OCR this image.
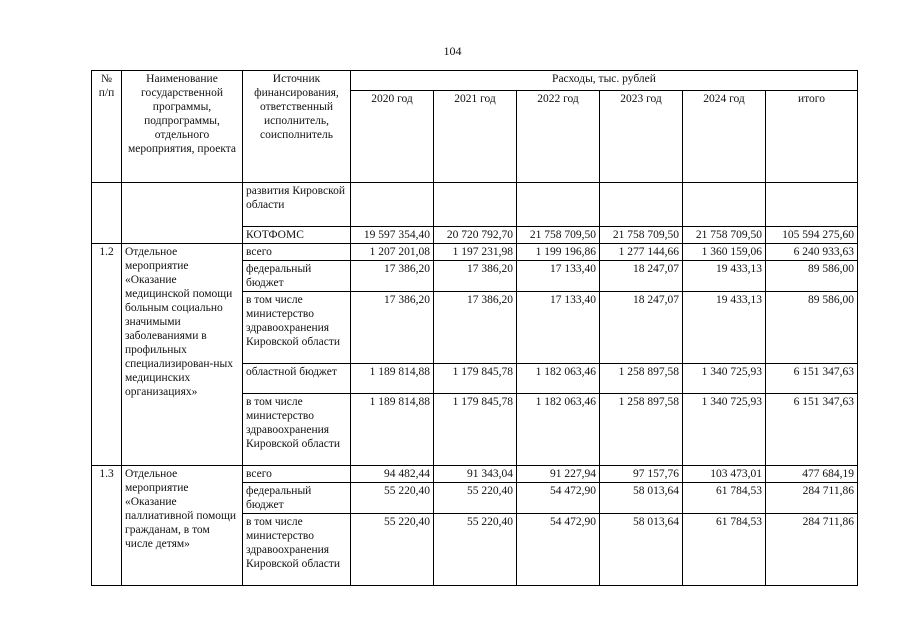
104
№ п/п	Наименование государственной программы, подпрограммы, отдельного мероприятия, проекта	Источник финансирования, ответственный исполнитель, соисполнитель	Расходы, тыс. рублей					
			2020 год	2021 год	2022 год	2023 год	2024 год	итого
		развития Кировской области						
		КОТФОМС	19 597 354,40	20 720 792,70	21 758 709,50	21 758 709,50	21 758 709,50	105 594 275,60
1.2	Отдельное мероприятие «Оказание медицинской помощи больным социально значимыми заболеваниями в профильных специализирован-ных медицинских организациях»	всего	1 207 201,08	1 197 231,98	1 199 196,86	1 277 144,66	1 360 159,06	6 240 933,63
		федеральный бюджет	17 386,20	17 386,20	17 133,40	18 247,07	19 433,13	89 586,00
		в том числе министерство здравоохранения Кировской области	17 386,20	17 386,20	17 133,40	18 247,07	19 433,13	89 586,00
		областной бюджет	1 189 814,88	1 179 845,78	1 182 063,46	1 258 897,58	1 340 725,93	6 151 347,63
		в том числе министерство здравоохранения Кировской области	1 189 814,88	1 179 845,78	1 182 063,46	1 258 897,58	1 340 725,93	6 151 347,63
1.3	Отдельное мероприятие «Оказание паллиативной помощи гражданам, в том числе детям»	всего	94 482,44	91 343,04	91 227,94	97 157,76	103 473,01	477 684,19
		федеральный бюджет	55 220,40	55 220,40	54 472,90	58 013,64	61 784,53	284 711,86
		в том числе министерство здравоохранения Кировской области	55 220,40	55 220,40	54 472,90	58 013,64	61 784,53	284 711,86
